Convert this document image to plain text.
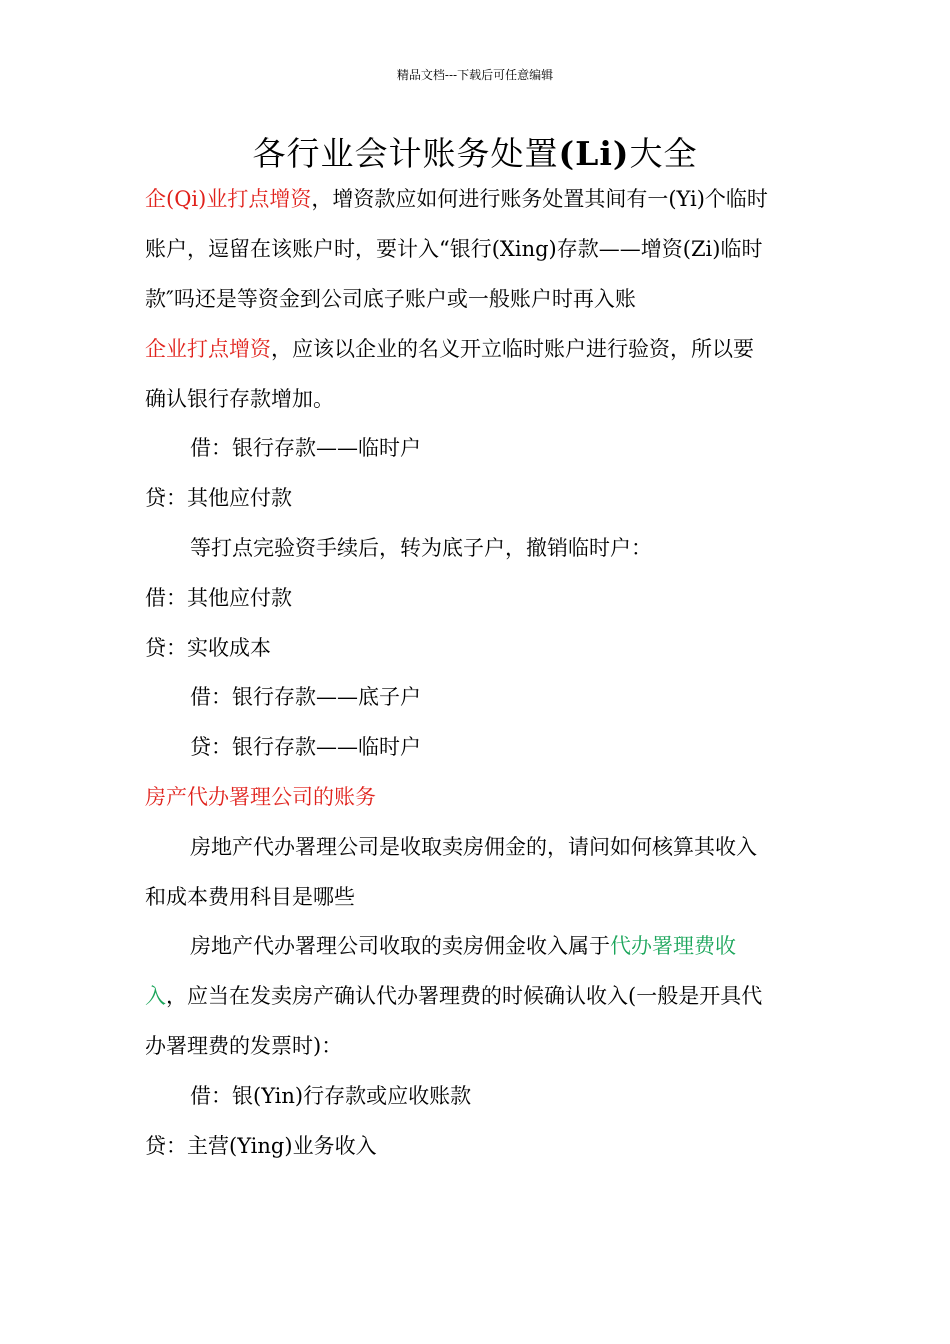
精品文档---下载后可任意编辑
各行业会计账务处置(Li)大全
企(Qi)业打点增资，增资款应如何进行账务处置其间有一(Yi)个临时
账户，逗留在该账户时，要计入“银行(Xing)存款——增资(Zi)临时
款″吗还是等资金到公司底子账户或一般账户时再入账
企业打点增资，应该以企业的名义开立临时账户进行验资，所以要
确认银行存款增加。
借：银行存款——临时户
贷：其他应付款
等打点完验资手续后，转为底子户，撤销临时户：
借：其他应付款
贷：实收成本
借：银行存款——底子户
贷：银行存款——临时户
房产代办署理公司的账务
房地产代办署理公司是收取卖房佣金的，请问如何核算其收入
和成本费用科目是哪些
房地产代办署理公司收取的卖房佣金收入属于代办署理费收
入，应当在发卖房产确认代办署理费的时候确认收入(一般是开具代
办署理费的发票时)：
借：银(Yin)行存款或应收账款
贷：主营(Ying)业务收入
